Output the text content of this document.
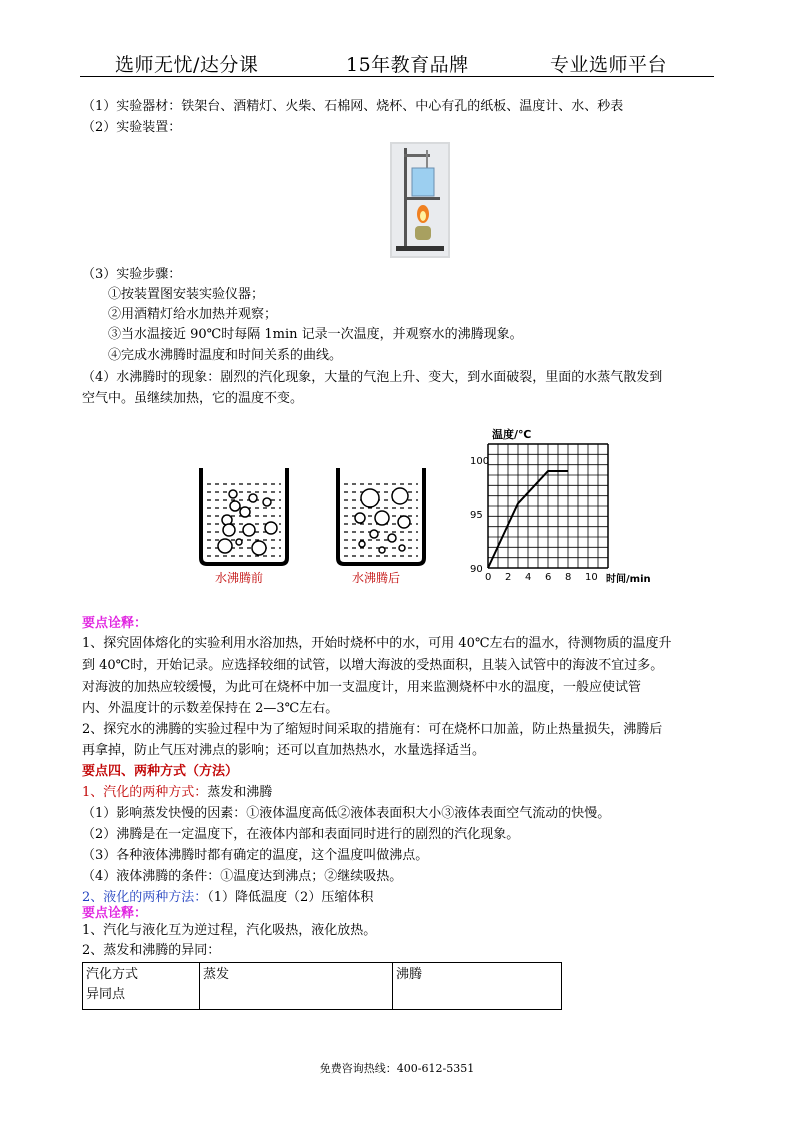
选师无忧/达分课	15年教育品牌	专业选师平台
（1）实验器材：铁架台、酒精灯、火柴、石棉网、烧杯、中心有孔的纸板、温度计、水、秒表
（2）实验装置：
（3）实验步骤：
①按装置图安装实验仪器；
②用酒精灯给水加热并观察；
③当水温接近 90℃时每隔 1min 记录一次温度，并观察水的沸腾现象。
④完成水沸腾时温度和时间关系的曲线。
（4）水沸腾时的现象：剧烈的汽化现象，大量的气泡上升、变大，到水面破裂，里面的水蒸气散发到
空气中。虽继续加热，它的温度不变。
水沸腾前	水沸腾后
温度/℃
时间/min
0 2 4 6 8 10
90
95
100
要点诠释：
1、探究固体熔化的实验利用水浴加热，开始时烧杯中的水，可用 40℃左右的温水，待测物质的温度升
到 40℃时，开始记录。应选择较细的试管，以增大海波的受热面积，且装入试管中的海波不宜过多。
对海波的加热应较缓慢，为此可在烧杯中加一支温度计，用来监测烧杯中水的温度，一般应使试管
内、外温度计的示数差保持在 2—3℃左右。
2、探究水的沸腾的实验过程中为了缩短时间采取的措施有：可在烧杯口加盖，防止热量损失，沸腾后
再拿掉，防止气压对沸点的影响；还可以直加热热水，水量选择适当。
要点四、两种方式（方法）
1、汽化的两种方式：蒸发和沸腾
（1）影响蒸发快慢的因素：①液体温度高低②液体表面积大小③液体表面空气流动的快慢。
（2）沸腾是在一定温度下，在液体内部和表面同时进行的剧烈的汽化现象。
（3）各种液体沸腾时都有确定的温度，这个温度叫做沸点。
（4）液体沸腾的条件：①温度达到沸点；②继续吸热。
2、液化的两种方法：（1）降低温度（2）压缩体积
要点诠释：
1、汽化与液化互为逆过程，汽化吸热，液化放热。
2、蒸发和沸腾的异同：
汽化方式
异同点
	蒸发	沸腾
免费咨询热线：400-612-5351
